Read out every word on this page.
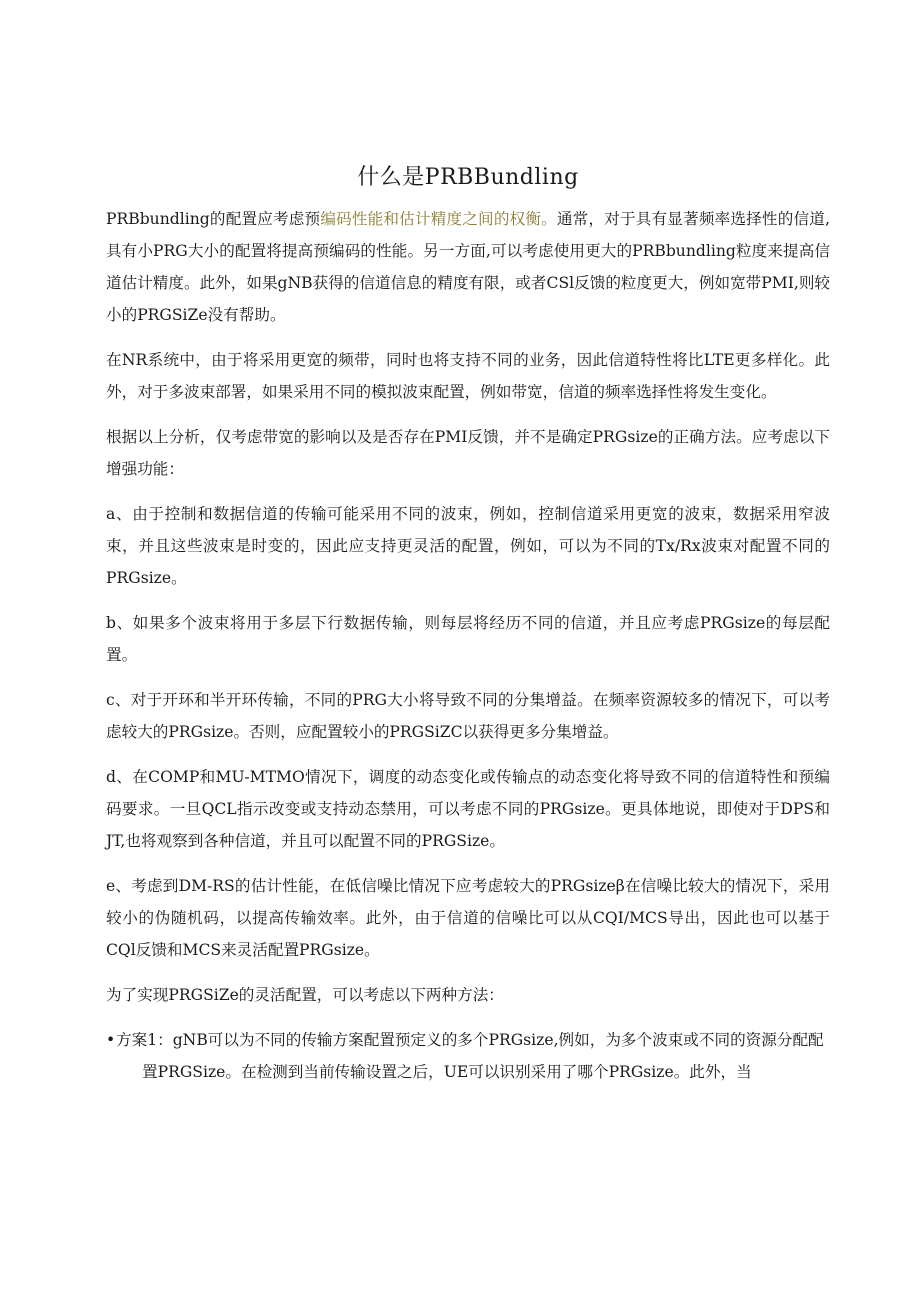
什么是PRBBundling

PRBbundling的配置应考虑预编码性能和估计精度之间的权衡。通常，对于具有显著频率选择性的信道,具有小PRG大小的配置将提高预编码的性能。另一方面,可以考虑使用更大的PRBbundling粒度来提高信道估计精度。此外，如果gNB获得的信道信息的精度有限，或者CSl反馈的粒度更大，例如宽带PMI,则较小的PRGSiZe没有帮助。

在NR系统中，由于将采用更宽的频带，同时也将支持不同的业务，因此信道特性将比LTE更多样化。此外，对于多波束部署，如果采用不同的模拟波束配置，例如带宽，信道的频率选择性将发生变化。

根据以上分析，仅考虑带宽的影响以及是否存在PMI反馈，并不是确定PRGsize的正确方法。应考虑以下增强功能：

a、由于控制和数据信道的传输可能采用不同的波束，例如，控制信道采用更宽的波束，数据采用窄波束，并且这些波束是时变的，因此应支持更灵活的配置，例如，可以为不同的Tx/Rx波束对配置不同的PRGsize。

b、如果多个波束将用于多层下行数据传输，则每层将经历不同的信道，并且应考虑PRGsize的每层配置。

c、对于开环和半开环传输，不同的PRG大小将导致不同的分集增益。在频率资源较多的情况下，可以考虑较大的PRGsize。否则，应配置较小的PRGSiZC以获得更多分集增益。

d、在COMP和MU-MTMO情况下，调度的动态变化或传输点的动态变化将导致不同的信道特性和预编码要求。一旦QCL指示改变或支持动态禁用，可以考虑不同的PRGsize。更具体地说，即使对于DPS和JT,也将观察到各种信道，并且可以配置不同的PRGSize。

e、考虑到DM-RS的估计性能，在低信噪比情况下应考虑较大的PRGsizeβ在信噪比较大的情况下，采用较小的伪随机码，以提高传输效率。此外，由于信道的信噪比可以从CQI/MCS导出，因此也可以基于CQl反馈和MCS来灵活配置PRGsize。

为了实现PRGSiZe的灵活配置，可以考虑以下两种方法：

•方案1：gNB可以为不同的传输方案配置预定义的多个PRGsize,例如，为多个波束或不同的资源分配配置PRGSize。在检测到当前传输设置之后，UE可以识别采用了哪个PRGsize。此外，当
